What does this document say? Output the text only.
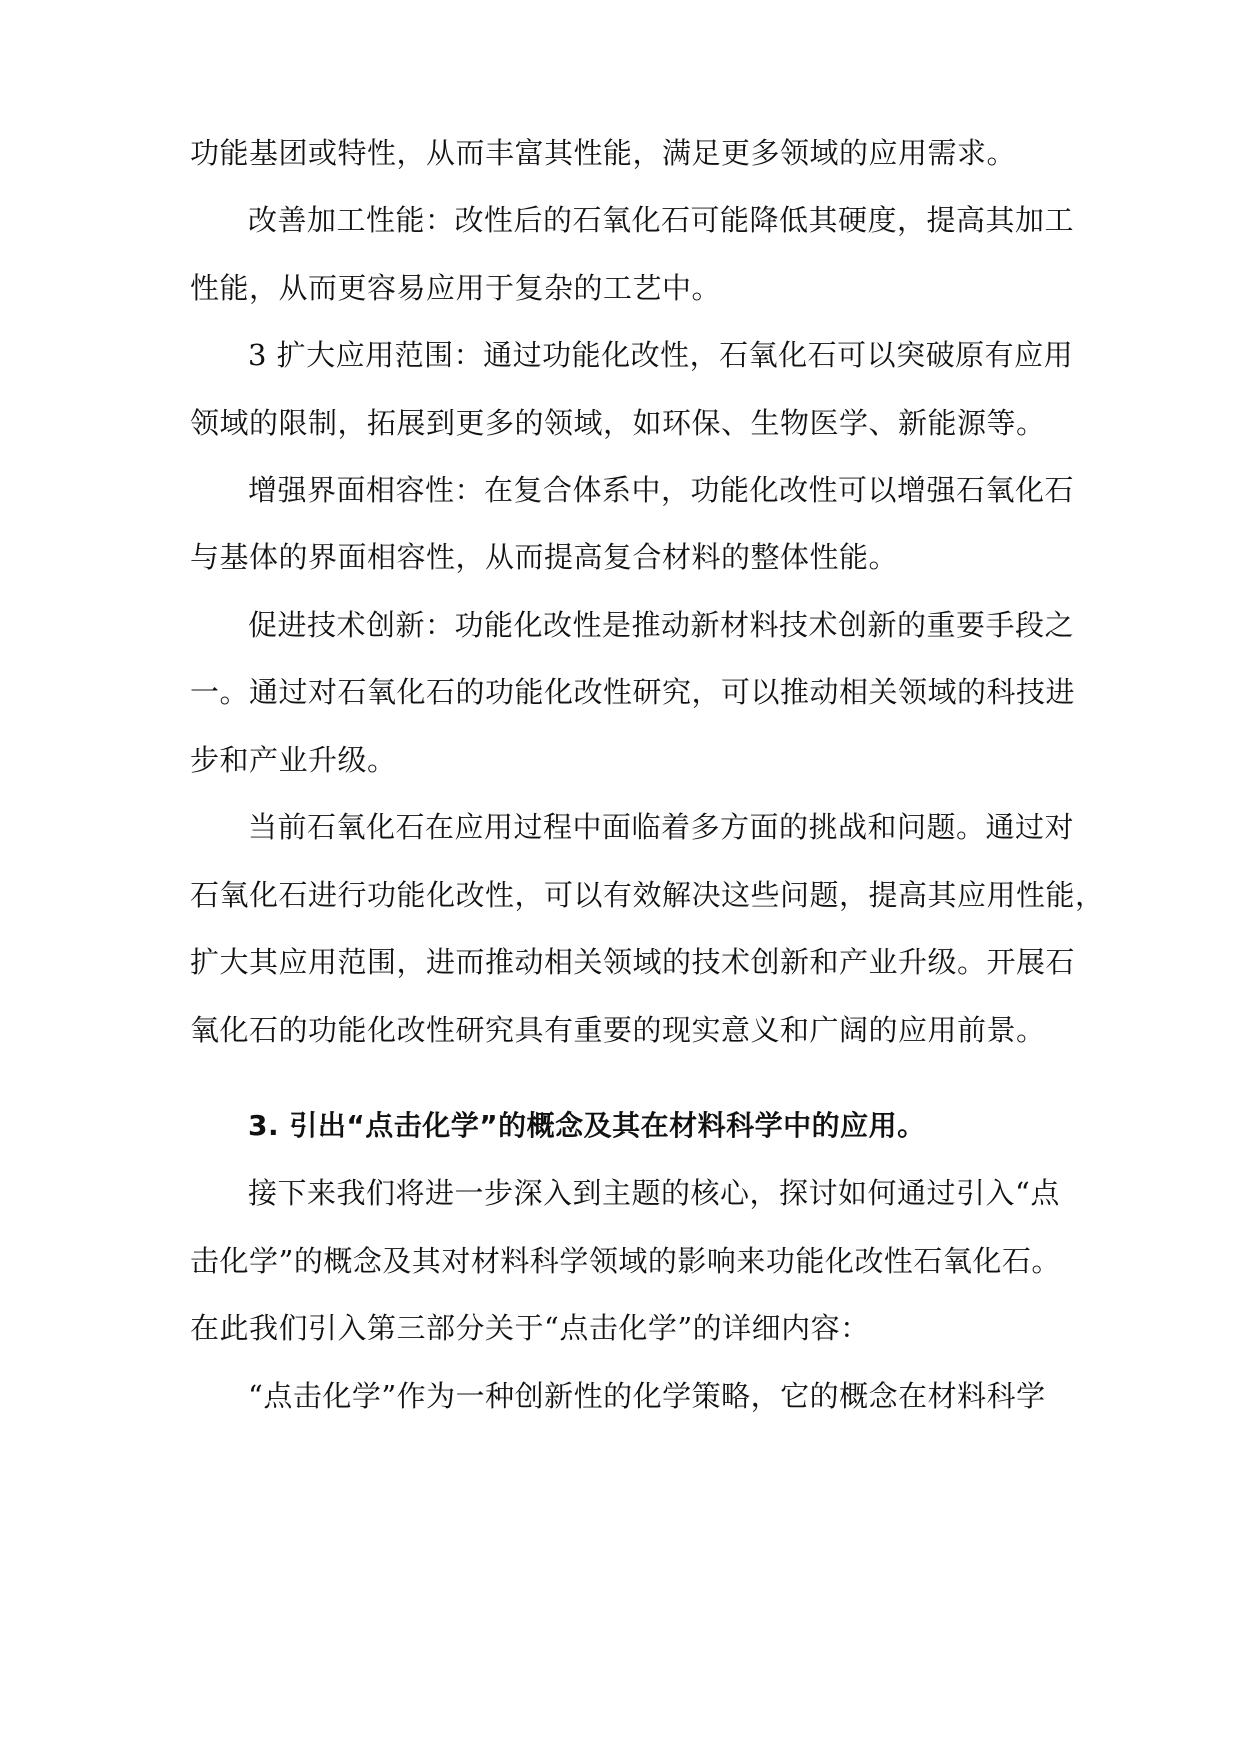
功能基团或特性，从而丰富其性能，满足更多领域的应用需求。
改善加工性能：改性后的石氧化石可能降低其硬度，提高其加工
性能，从而更容易应用于复杂的工艺中。
3 扩大应用范围：通过功能化改性，石氧化石可以突破原有应用
领域的限制，拓展到更多的领域，如环保、生物医学、新能源等。
增强界面相容性：在复合体系中，功能化改性可以增强石氧化石
与基体的界面相容性，从而提高复合材料的整体性能。
促进技术创新：功能化改性是推动新材料技术创新的重要手段之
一。通过对石氧化石的功能化改性研究，可以推动相关领域的科技进
步和产业升级。
当前石氧化石在应用过程中面临着多方面的挑战和问题。通过对
石氧化石进行功能化改性，可以有效解决这些问题，提高其应用性能，
扩大其应用范围，进而推动相关领域的技术创新和产业升级。开展石
氧化石的功能化改性研究具有重要的现实意义和广阔的应用前景。
3. 引出“点击化学”的概念及其在材料科学中的应用。
接下来我们将进一步深入到主题的核心，探讨如何通过引入“点
击化学”的概念及其对材料科学领域的影响来功能化改性石氧化石。
在此我们引入第三部分关于“点击化学”的详细内容：
“点击化学”作为一种创新性的化学策略，它的概念在材料科学
